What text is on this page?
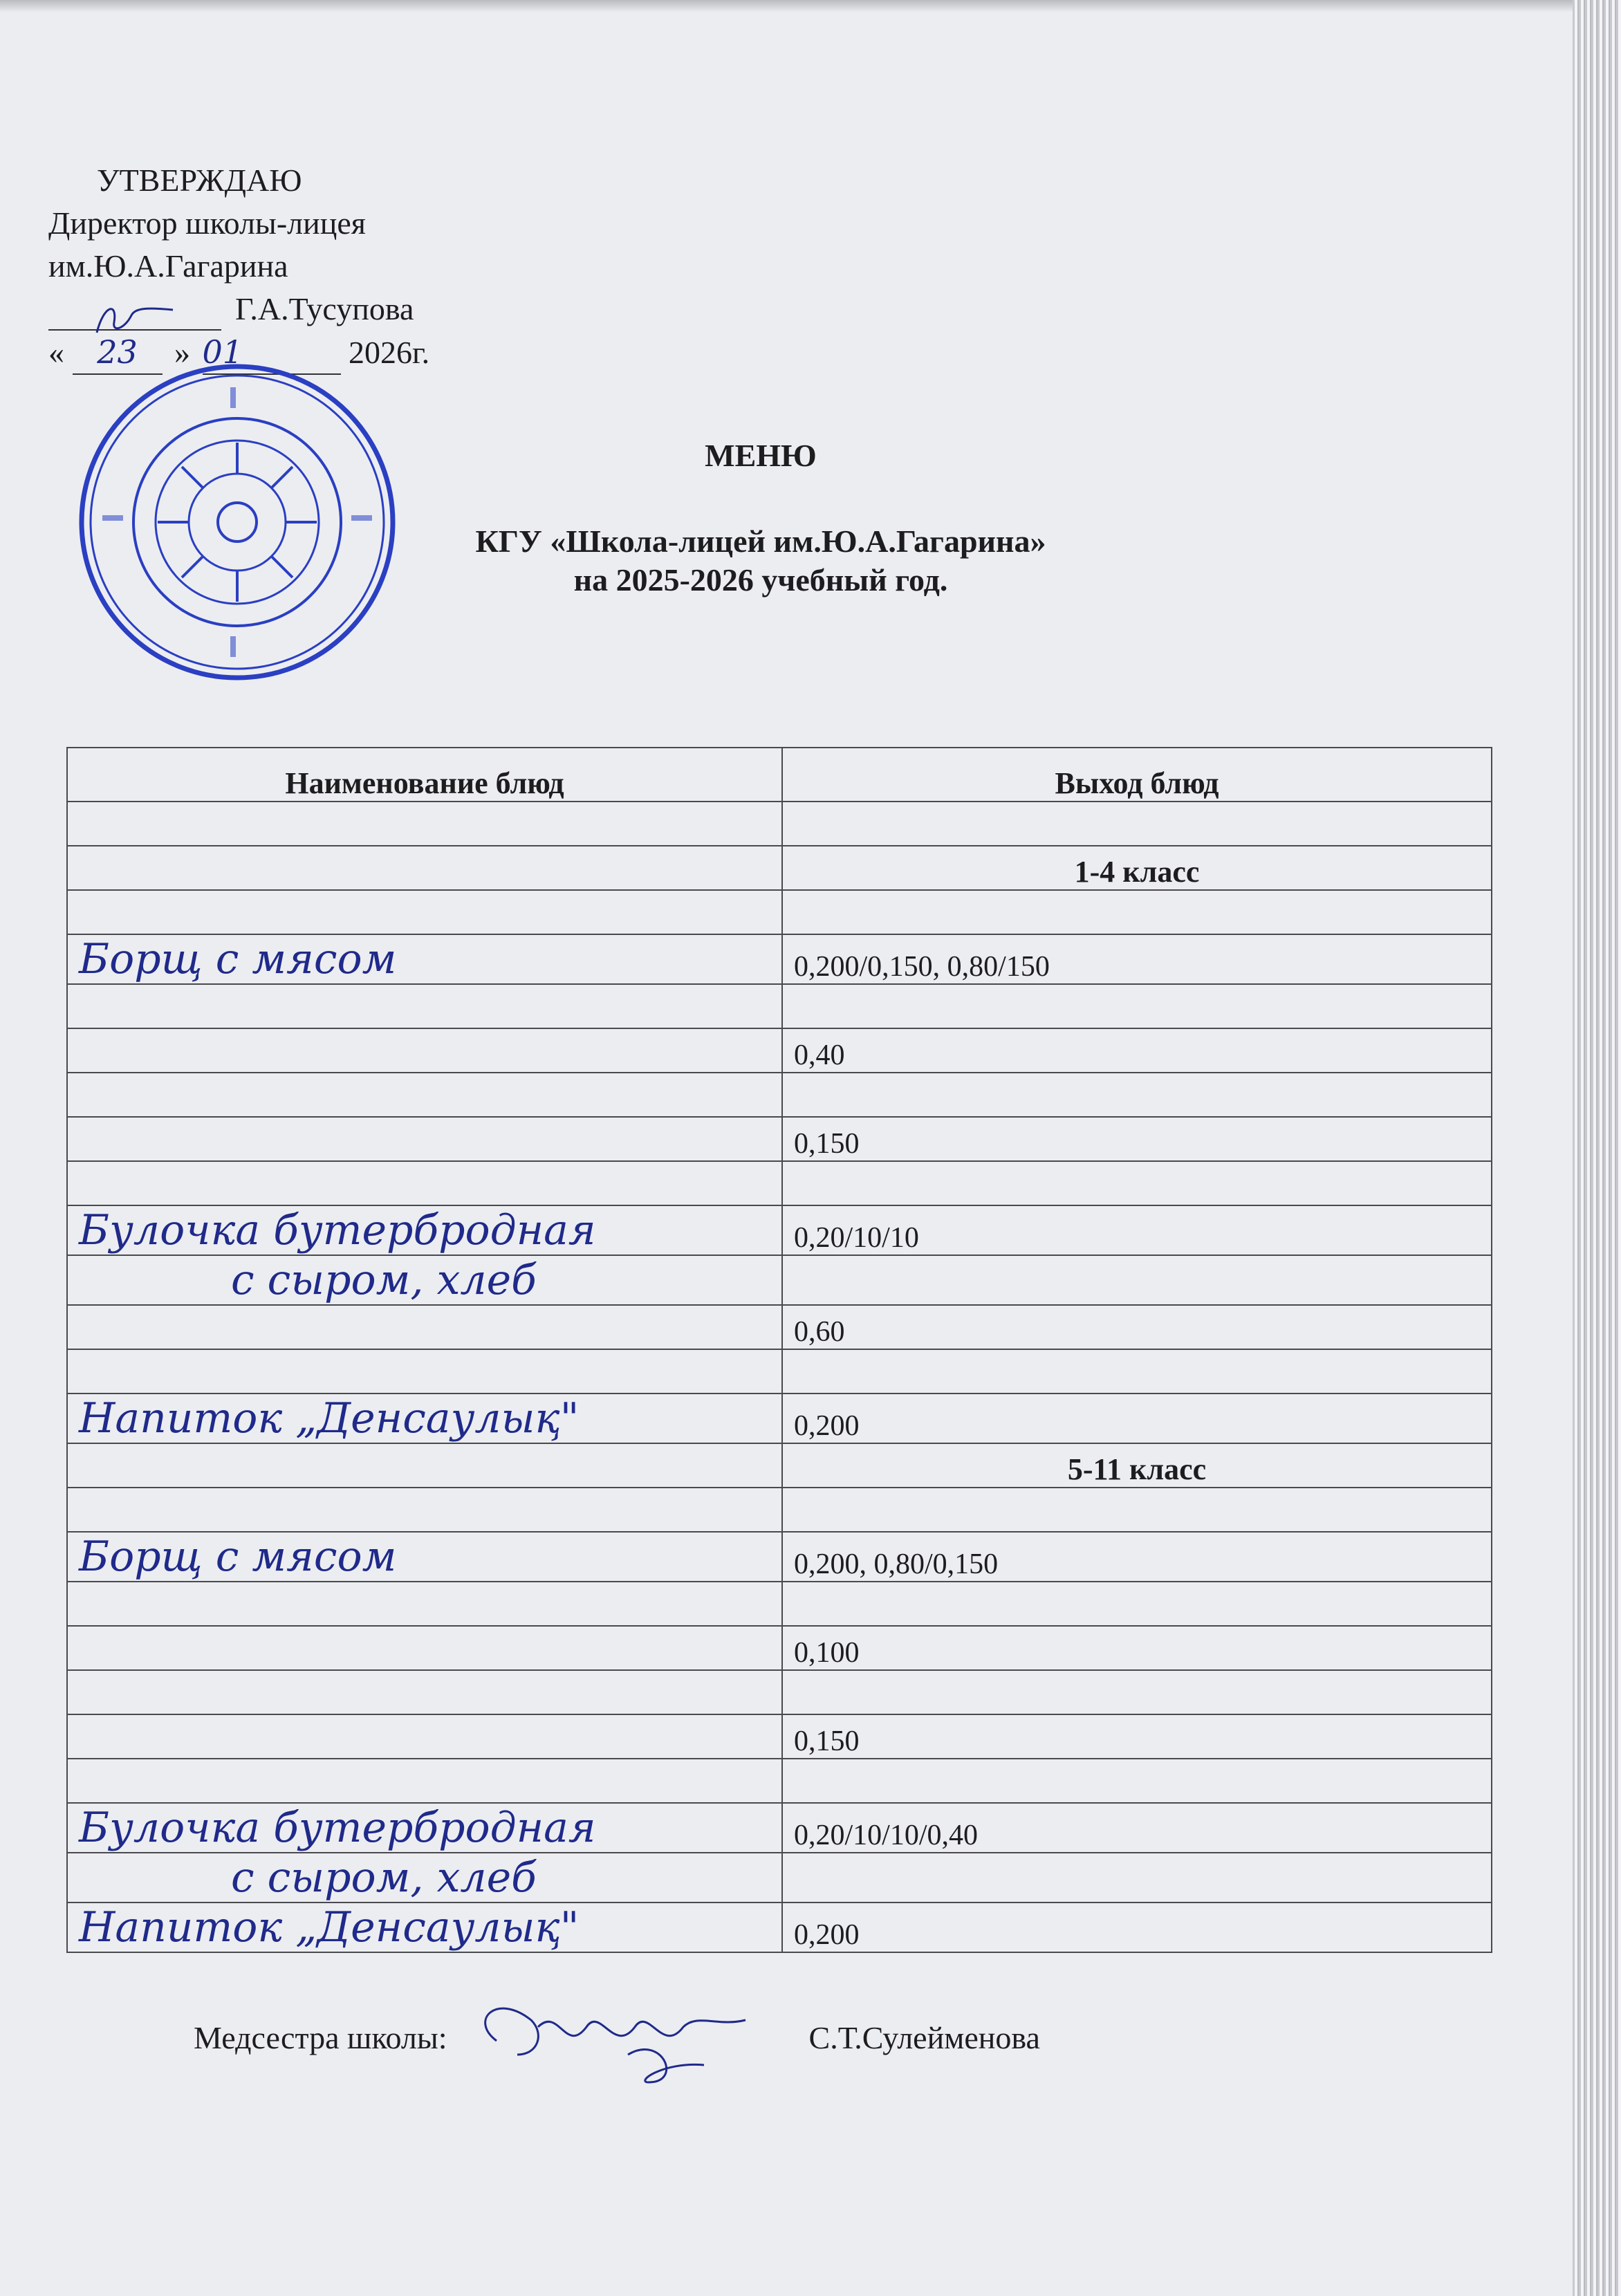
УТВЕРЖДАЮ
Директор школы-лицея
им.Ю.А.Гагарина
Г.А.Тусупова
« 23 » 01	2026г.
МЕНЮ
КГУ «Школа-лицей им.Ю.А.Гагарина»
на 2025-2026 учебный год.
Наименование блюд	Выход блюд

	1-4 класс

Борщ с мясом	0,200/0,150, 0,80/150

	0,40

	0,150

Булочка бутербродная	0,20/10/10
с сыром, хлеб	
	0,60

Напиток „Денсаулық"	0,200
	5-11 класс

Борщ с мясом	0,200, 0,80/0,150

	0,100

	0,150

Булочка бутербродная	0,20/10/10/0,40
с сыром, хлеб	
Напиток „Денсаулық"	0,200
Медсестра школы:	С.Т.Сулейменова
